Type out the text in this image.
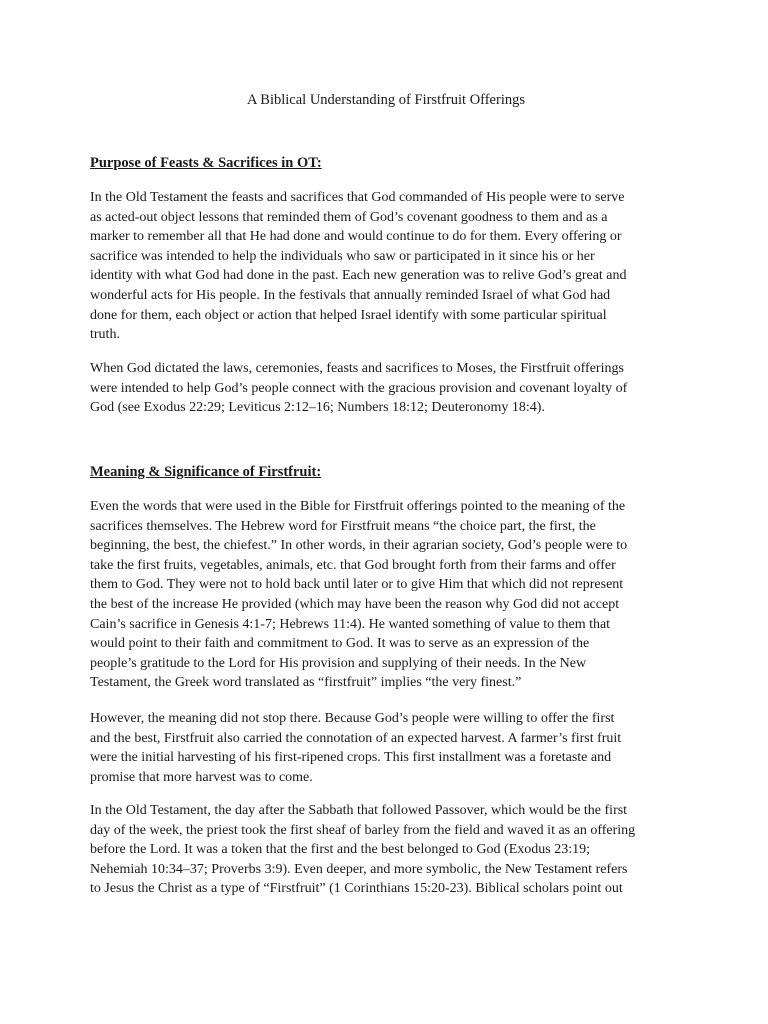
A Biblical Understanding of Firstfruit Offerings
Purpose of Feasts & Sacrifices in OT:

In the Old Testament the feasts and sacrifices that God commanded of His people were to serve
as acted-out object lessons that reminded them of God’s covenant goodness to them and as a
marker to remember all that He had done and would continue to do for them. Every offering or
sacrifice was intended to help the individuals who saw or participated in it since his or her
identity with what God had done in the past. Each new generation was to relive God’s great and
wonderful acts for His people. In the festivals that annually reminded Israel of what God had
done for them, each object or action that helped Israel identify with some particular spiritual
truth.

When God dictated the laws, ceremonies, feasts and sacrifices to Moses, the Firstfruit offerings
were intended to help God’s people connect with the gracious provision and covenant loyalty of
God (see Exodus 22:29; Leviticus 2:12–16; Numbers 18:12; Deuteronomy 18:4).

Meaning & Significance of Firstfruit:

Even the words that were used in the Bible for Firstfruit offerings pointed to the meaning of the
sacrifices themselves. The Hebrew word for Firstfruit means “the choice part, the first, the
beginning, the best, the chiefest.” In other words, in their agrarian society, God’s people were to
take the first fruits, vegetables, animals, etc. that God brought forth from their farms and offer
them to God. They were not to hold back until later or to give Him that which did not represent
the best of the increase He provided (which may have been the reason why God did not accept
Cain’s sacrifice in Genesis 4:1-7; Hebrews 11:4). He wanted something of value to them that
would point to their faith and commitment to God. It was to serve as an expression of the
people’s gratitude to the Lord for His provision and supplying of their needs. In the New
Testament, the Greek word translated as “firstfruit” implies “the very finest.”

However, the meaning did not stop there. Because God’s people were willing to offer the first
and the best, Firstfruit also carried the connotation of an expected harvest. A farmer’s first fruit
were the initial harvesting of his first-ripened crops. This first installment was a foretaste and
promise that more harvest was to come.

In the Old Testament, the day after the Sabbath that followed Passover, which would be the first
day of the week, the priest took the first sheaf of barley from the field and waved it as an offering
before the Lord. It was a token that the first and the best belonged to God (Exodus 23:19;
Nehemiah 10:34–37; Proverbs 3:9). Even deeper, and more symbolic, the New Testament refers
to Jesus the Christ as a type of “Firstfruit” (1 Corinthians 15:20-23). Biblical scholars point out
